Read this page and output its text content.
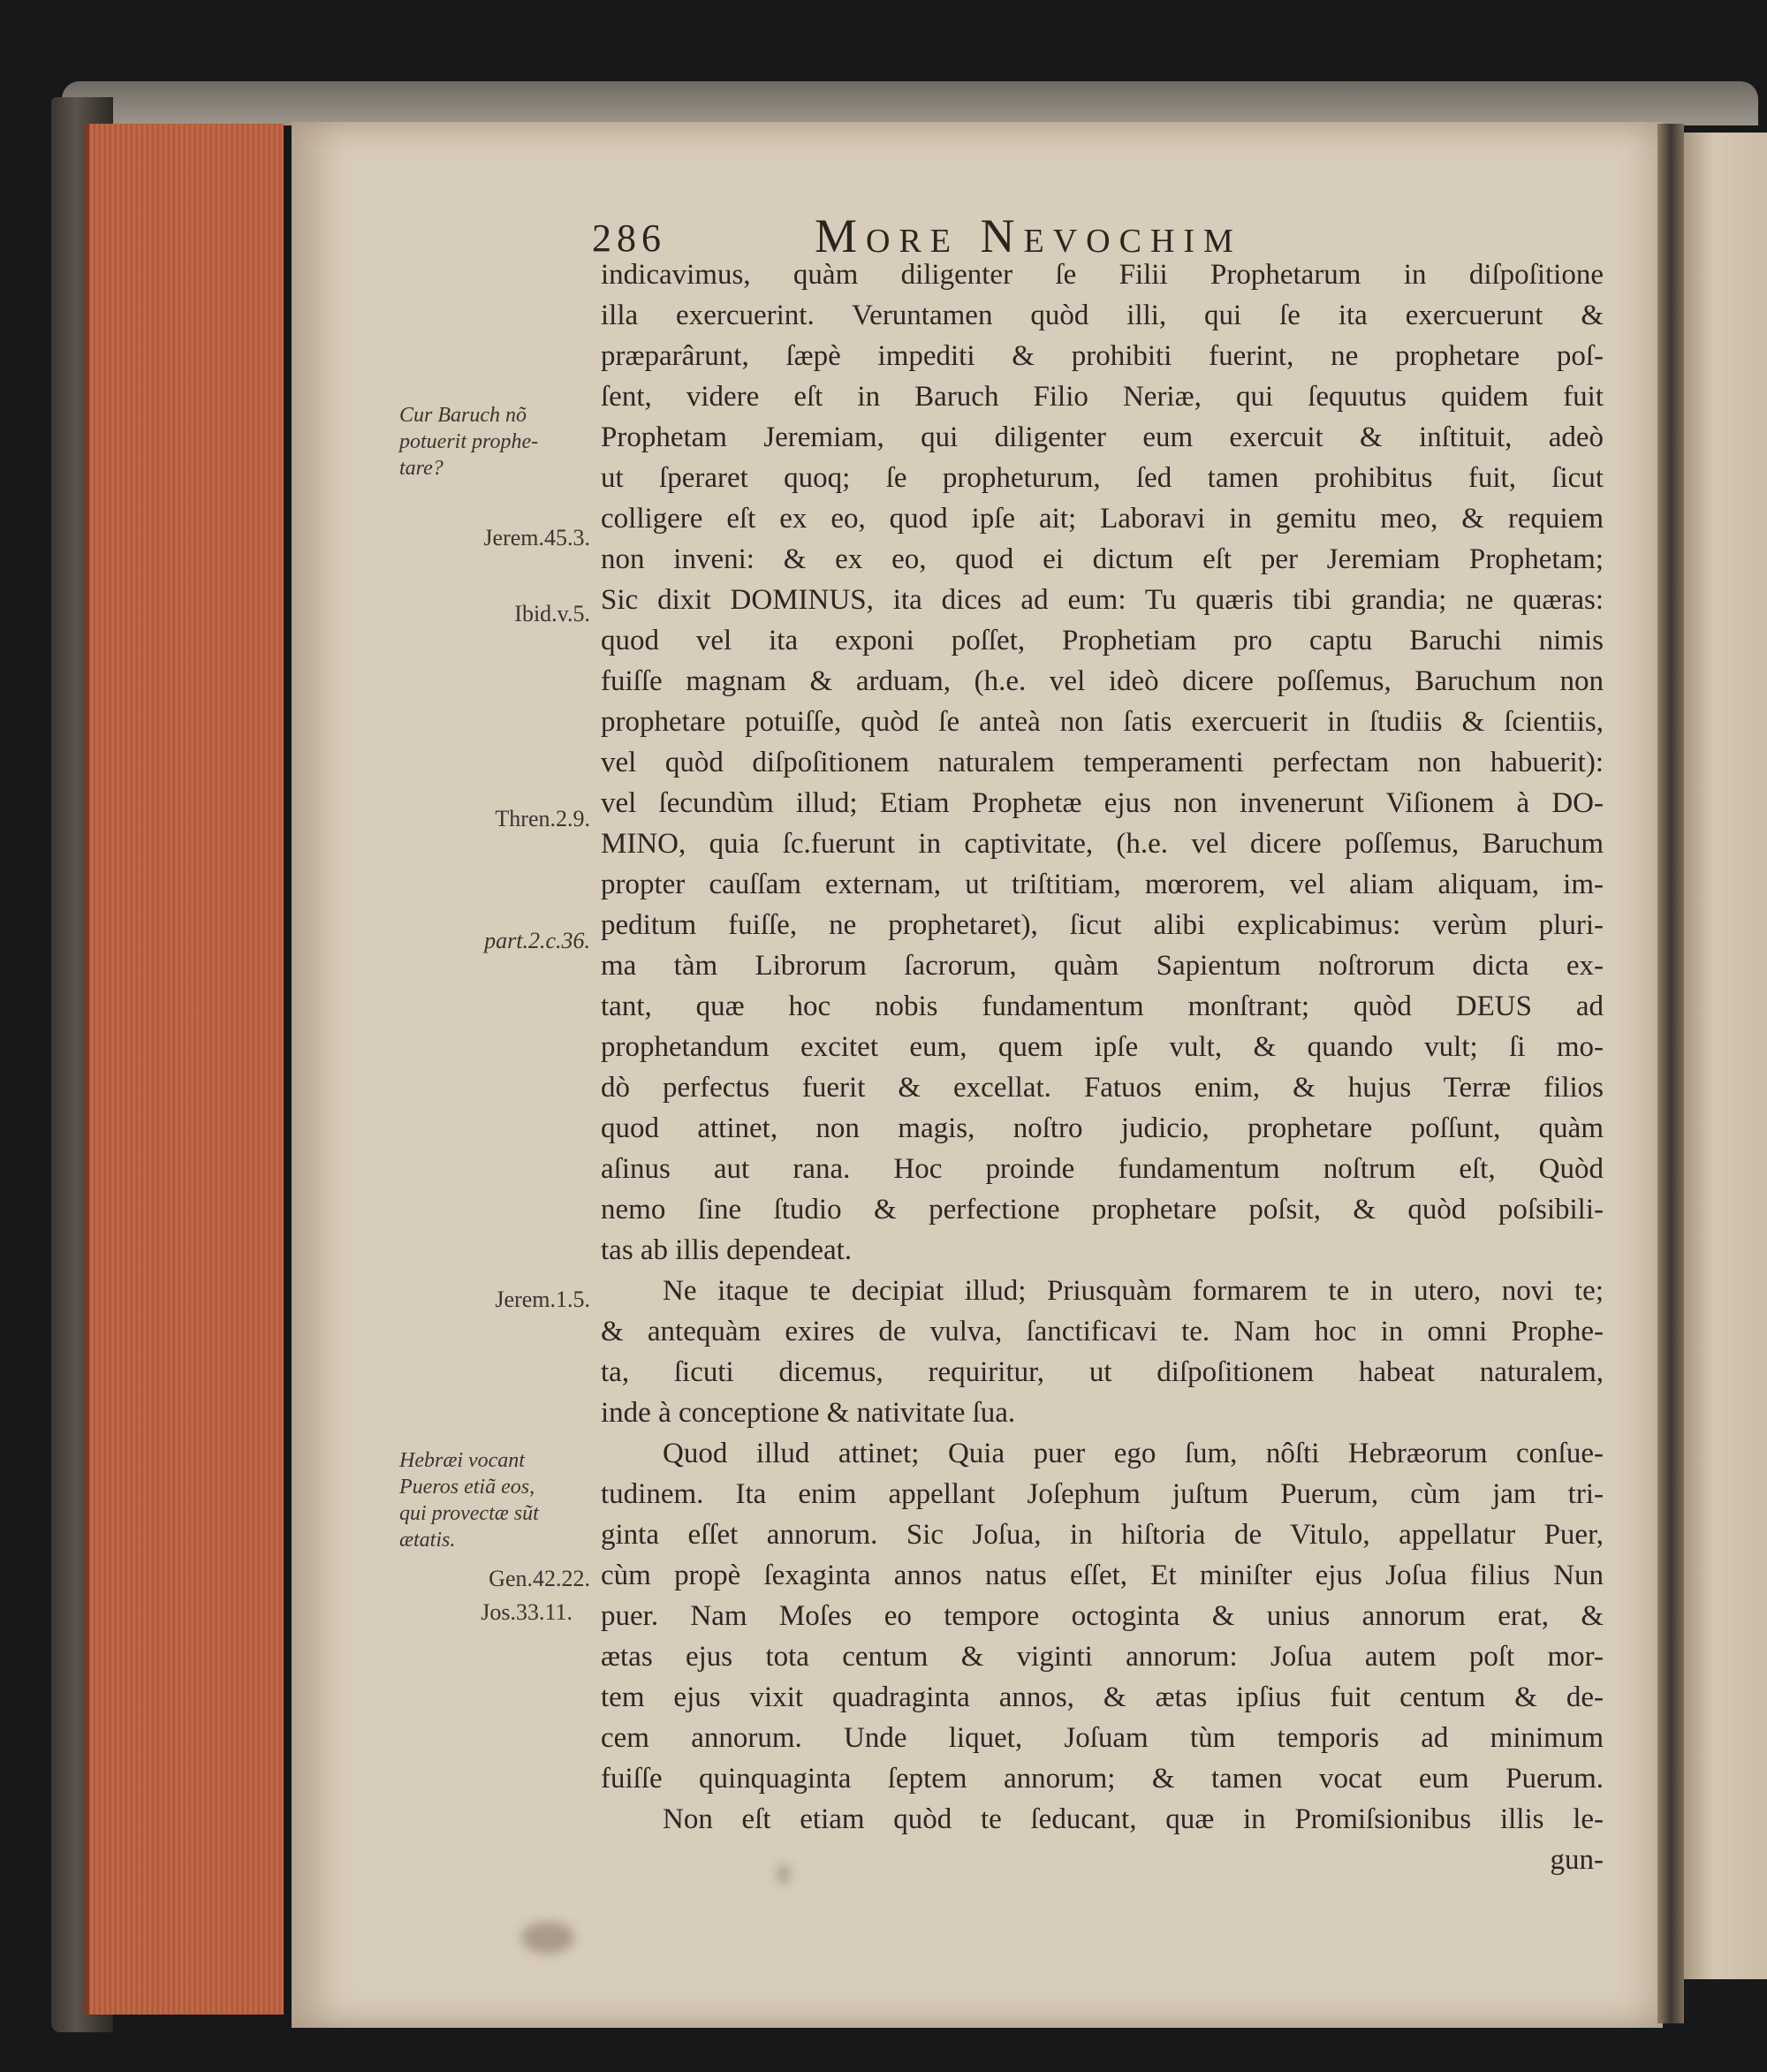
286	More Nevochim
indicavimus, quàm diligenter ſe Filii Prophetarum in diſpoſitione
illa exercuerint. Veruntamen quòd illi, qui ſe ita exercuerunt &
præparârunt, ſæpè impediti & prohibiti fuerint, ne prophetare poſ-
ſent, videre eſt in Baruch Filio Neriæ, qui ſequutus quidem fuit
Prophetam Jeremiam, qui diligenter eum exercuit & inſtituit, adeò
ut ſperaret quoq; ſe propheturum, ſed tamen prohibitus fuit, ſicut
colligere eſt ex eo, quod ipſe ait; Laboravi in gemitu meo, & requiem
non inveni: & ex eo, quod ei dictum eſt per Jeremiam Prophetam;
Sic dixit DOMINUS, ita dices ad eum: Tu quæris tibi grandia; ne quæras:
quod vel ita exponi poſſet, Prophetiam pro captu Baruchi nimis
fuiſſe magnam & arduam, (h.e. vel ideò dicere poſſemus, Baruchum non
prophetare potuiſſe, quòd ſe anteà non ſatis exercuerit in ſtudiis & ſcientiis,
vel quòd diſpoſitionem naturalem temperamenti perfectam non habuerit):
vel ſecundùm illud; Etiam Prophetæ ejus non invenerunt Viſionem à DO-
MINO, quia ſc.fuerunt in captivitate, (h.e. vel dicere poſſemus, Baruchum
propter cauſſam externam, ut triſtitiam, mœrorem, vel aliam aliquam, im-
peditum fuiſſe, ne prophetaret), ſicut alibi explicabimus: verùm pluri-
ma tàm Librorum ſacrorum, quàm Sapientum noſtrorum dicta ex-
tant, quæ hoc nobis fundamentum monſtrant; quòd DEUS ad
prophetandum excitet eum, quem ipſe vult, & quando vult; ſi mo-
dò perfectus fuerit & excellat. Fatuos enim, & hujus Terræ filios
quod attinet, non magis, noſtro judicio, prophetare poſſunt, quàm
aſinus aut rana. Hoc proinde fundamentum noſtrum eſt, Quòd
nemo ſine ſtudio & perfectione prophetare poſsit, & quòd poſsibili-
tas ab illis dependeat.
Ne itaque te decipiat illud; Priusquàm formarem te in utero, novi te;
& antequàm exires de vulva, ſanctificavi te. Nam hoc in omni Prophe-
ta, ſicuti dicemus, requiritur, ut diſpoſitionem habeat naturalem,
inde à conceptione & nativitate ſua.
Quod illud attinet; Quia puer ego ſum, nôſti Hebræorum conſue-
tudinem. Ita enim appellant Joſephum juſtum Puerum, cùm jam tri-
ginta eſſet annorum. Sic Joſua, in hiſtoria de Vitulo, appellatur Puer,
cùm propè ſexaginta annos natus eſſet, Et miniſter ejus Joſua filius Nun
puer. Nam Moſes eo tempore octoginta & unius annorum erat, &
ætas ejus tota centum & viginti annorum: Joſua autem poſt mor-
tem ejus vixit quadraginta annos, & ætas ipſius fuit centum & de-
cem annorum. Unde liquet, Joſuam tùm temporis ad minimum
fuiſſe quinquaginta ſeptem annorum; & tamen vocat eum Puerum.
Non eſt etiam quòd te ſeducant, quæ in Promiſsionibus illis le-
gun-
Cur Baruch nõ
potuerit prophe-
tare?
Jerem.45.3.
Ibid.v.5.
Thren.2.9.
part.2.c.36.
Jerem.1.5.
Hebræi vocant
Pueros etiã eos,
qui provectæ sũt
ætatis.
Gen.42.22.
Jos.33.11.
